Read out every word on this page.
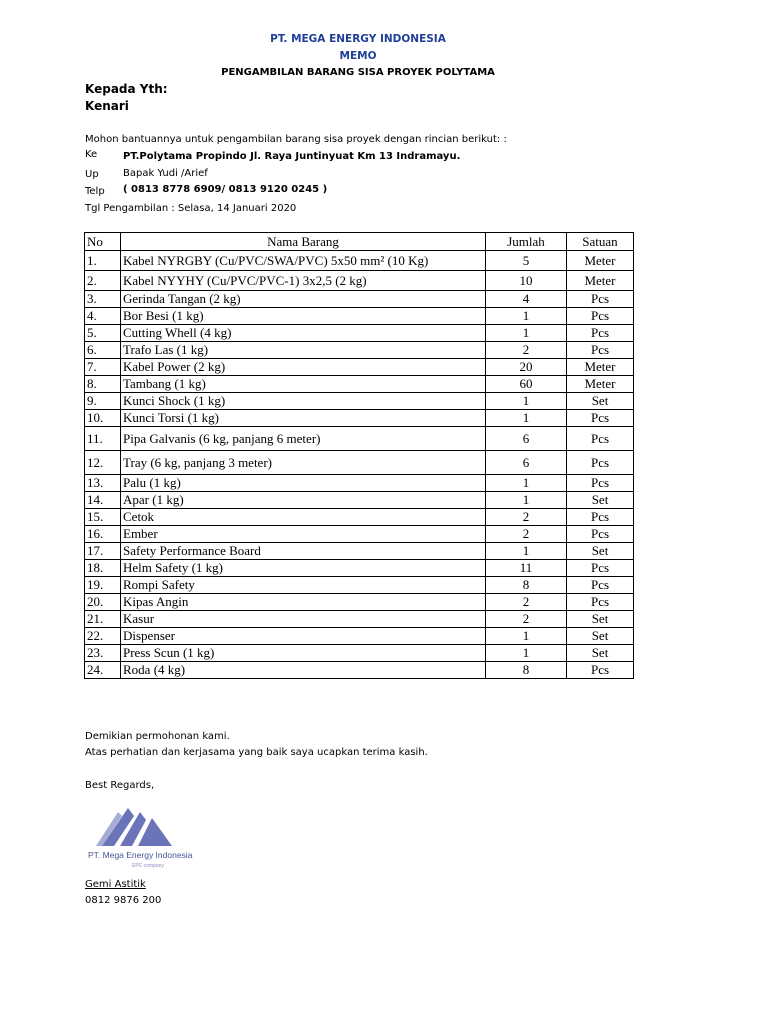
PT. MEGA ENERGY INDONESIA
MEMO
PENGAMBILAN BARANG SISA PROYEK POLYTAMA
Kepada Yth:
Kenari
Mohon bantuannya untuk pengambilan barang sisa proyek dengan rincian berikut: :
Ke	PT.Polytama Propindo Jl. Raya Juntinyuat Km 13 Indramayu.
Up Bapak Yudi /Arief
Telp ( 0813 8778 6909/ 0813 9120 0245 )
Tgl Pengambilan : Selasa, 14 Januari 2020
No	Nama Barang	Jumlah	Satuan
1.	Kabel NYRGBY (Cu/PVC/SWA/PVC) 5x50 mm² (10 Kg)	5	Meter
2.	Kabel NYYHY (Cu/PVC/PVC-1) 3x2,5 (2 kg)	10	Meter
3.	Gerinda Tangan (2 kg)	4	Pcs
4.	Bor Besi (1 kg)	1	Pcs
5.	Cutting Whell (4 kg)	1	Pcs
6.	Trafo Las (1 kg)	2	Pcs
7.	Kabel Power (2 kg)	20	Meter
8.	Tambang (1 kg)	60	Meter
9.	Kunci Shock (1 kg)	1	Set
10.	Kunci Torsi (1 kg)	1	Pcs
11.	Pipa Galvanis (6 kg, panjang 6 meter)	6	Pcs
12.	Tray (6 kg, panjang 3 meter)	6	Pcs
13.	Palu (1 kg)	1	Pcs
14.	Apar (1 kg)	1	Set
15.	Cetok	2	Pcs
16.	Ember	2	Pcs
17.	Safety Performance Board	1	Set
18.	Helm Safety (1 kg)	11	Pcs
19.	Rompi Safety	8	Pcs
20.	Kipas Angin	2	Pcs
21.	Kasur	2	Set
22.	Dispenser	1	Set
23.	Press Scun (1 kg)	1	Set
24.	Roda (4 kg)	8	Pcs
Demikian permohonan kami.
Atas perhatian dan kerjasama yang baik saya ucapkan terima kasih.
Best Regards,
PT. Mega Energy Indonesia
EPC company
Gemi Astitik
0812 9876 200
